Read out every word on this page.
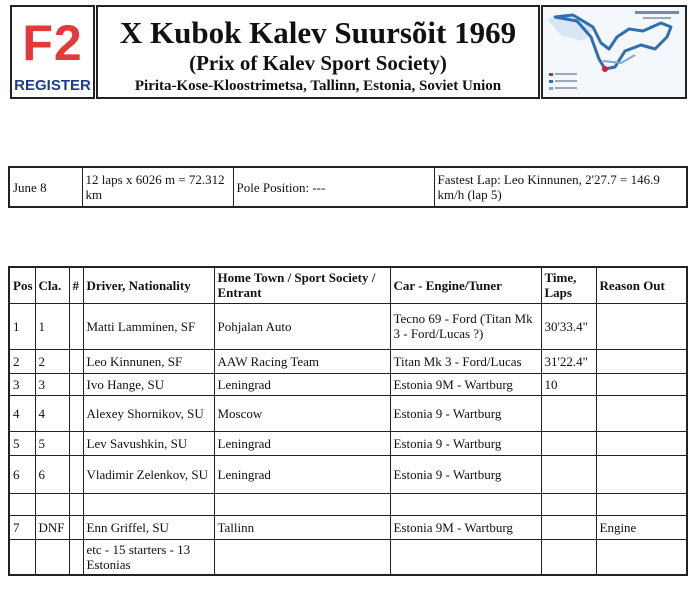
F2
REGISTER
X Kubok Kalev Suursõit 1969
(Prix of Kalev Sport Society)
Pirita-Kose-Kloostrimetsa, Tallinn, Estonia, Soviet Union
June 8	12 laps x 6026 m = 72.312 km	Pole Position: ---	Fastest Lap: Leo Kinnunen, 2'27.7 = 146.9 km/h (lap 5)
Pos	Cla.	#	Driver, Nationality	Home Town / Sport Society / Entrant	Car - Engine/Tuner	Time, Laps	Reason Out
1	1		Matti Lamminen, SF	Pohjalan Auto	Tecno 69 - Ford (Titan Mk 3 - Ford/Lucas ?)	30'33.4"	
2	2		Leo Kinnunen, SF	AAW Racing Team	Titan Mk 3 - Ford/Lucas	31'22.4"	
3	3		Ivo Hange, SU	Leningrad	Estonia 9M - Wartburg	10	
4	4		Alexey Shornikov, SU	Moscow	Estonia 9 - Wartburg		
5	5		Lev Savushkin, SU	Leningrad	Estonia 9 - Wartburg		
6	6		Vladimir Zelenkov, SU	Leningrad	Estonia 9 - Wartburg		

7	DNF		Enn Griffel, SU	Tallinn	Estonia 9M - Wartburg		Engine
			etc - 15 starters - 13 Estonias				
